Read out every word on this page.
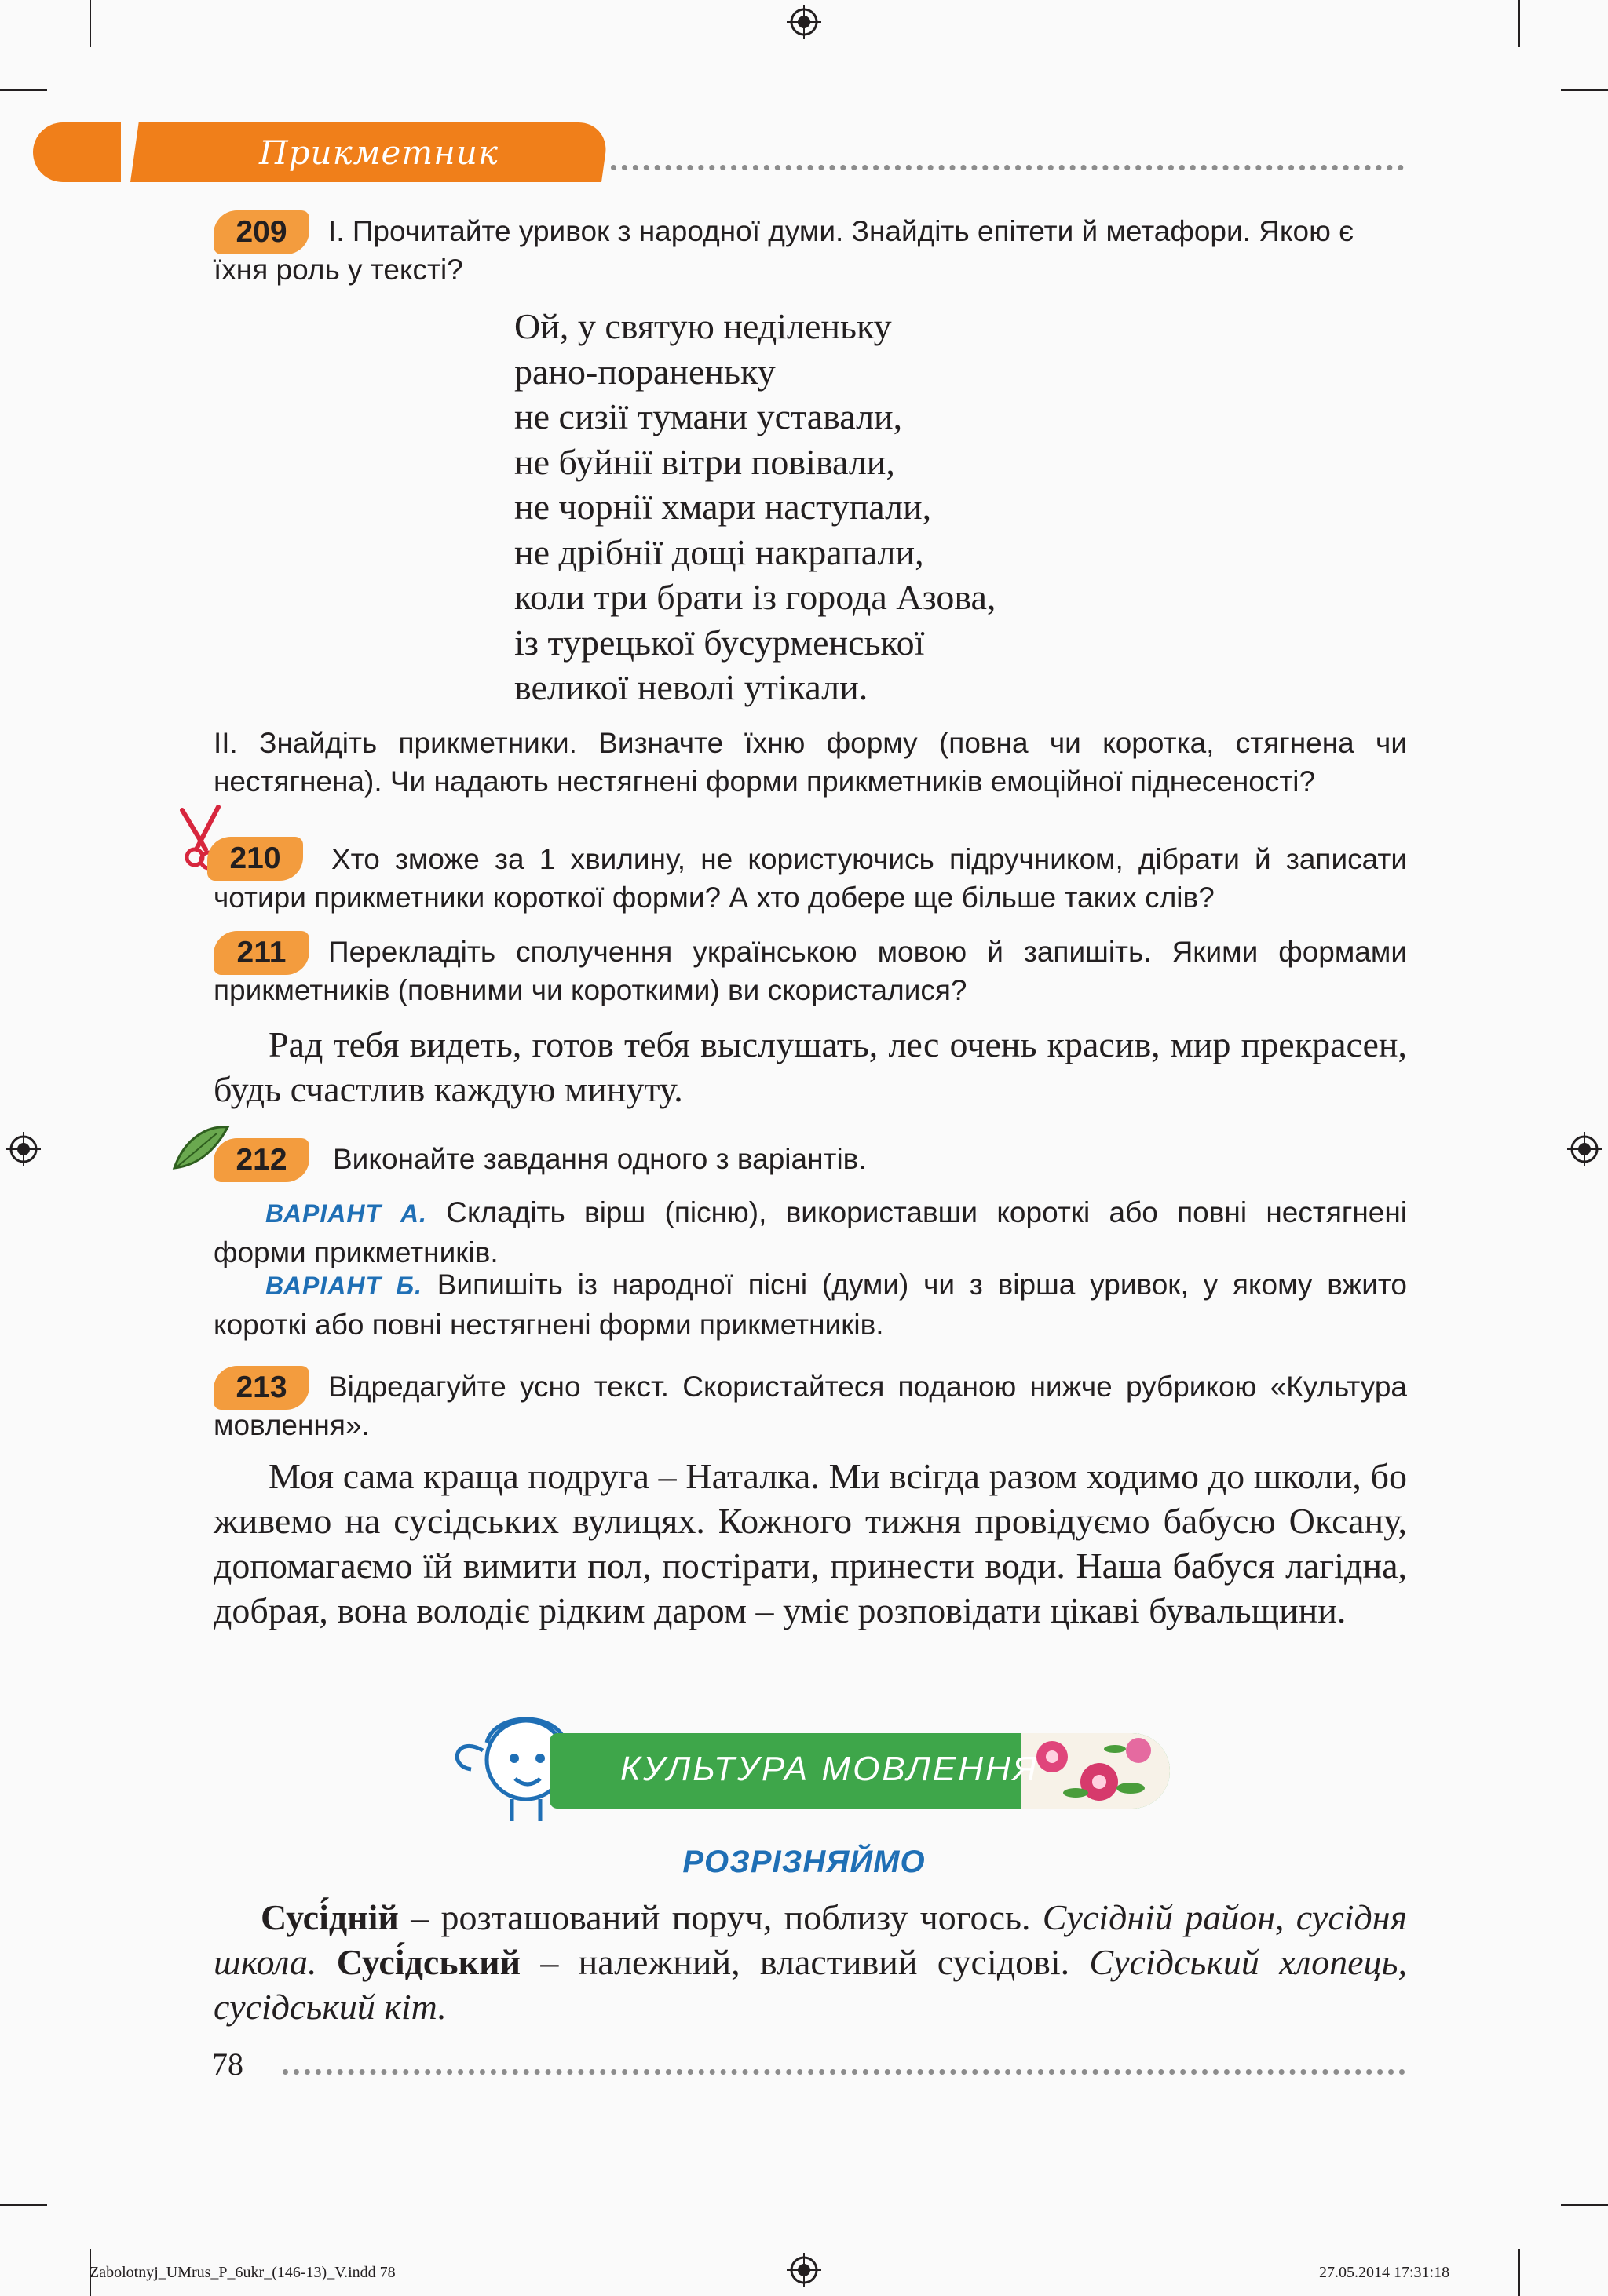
Прикметник
209	І. Прочитайте уривок з народної думи. Знайдіть епітети й метафори. Якою є їхня роль у тексті?
Ой, у святую неділеньку
рано-пораненьку
не сизії тумани уставали,
не буйнії вітри повівали,
не чорнії хмари наступали,
не дрібнії дощі накрапали,
коли три брати із города Азова,
із турецької бусурменської
великої неволі утікали.
ІІ. Знайдіть прикметники. Визначте їхню форму (повна чи коротка, стягнена чи нестягнена). Чи надають нестягнені форми прикметників емоційної піднесеності?
210	Хто зможе за 1 хвилину, не користуючись підручником, дібрати й записати чотири прикметники короткої форми? А хто добере ще більше таких слів?
211	Перекладіть сполучення українською мовою й запишіть. Якими формами прикметників (повними чи короткими) ви скористалися?
Рад тебя видеть, готов тебя выслушать, лес очень красив, мир прекрасен, будь счастлив каждую минуту.
212	Виконайте завдання одного з варіантів.
ВАРІАНТ А. Складіть вірш (пісню), використавши короткі або повні нестягнені форми прикметників.
ВАРІАНТ Б. Випишіть із народної пісні (думи) чи з вірша уривок, у якому вжито короткі або повні нестягнені форми прикметників.
213	Відредагуйте усно текст. Скористайтеся поданою нижче рубрикою «Культура мовлення».
Моя сама краща подруга – Наталка. Ми всігда разом ходимо до школи, бо живемо на сусідських вулицях. Кожного тижня провідуємо бабусю Оксану, допомагаємо їй вимити пол, постірати, принести води. Наша бабуся лагідна, добрая, вона володіє рідким даром – уміє розповідати цікаві бувальщини.
КУЛЬТУРА МОВЛЕННЯ
РОЗРІЗНЯЙМО
Сусі́дній – розташований поруч, поблизу чогось. Сусідній район, сусідня школа. Сусі́дський – належний, властивий сусідові. Сусідський хлопець, сусідський кіт.
78
Zabolotnyj_UMrus_P_6ukr_(146-13)_V.indd 78	27.05.2014 17:31:18
